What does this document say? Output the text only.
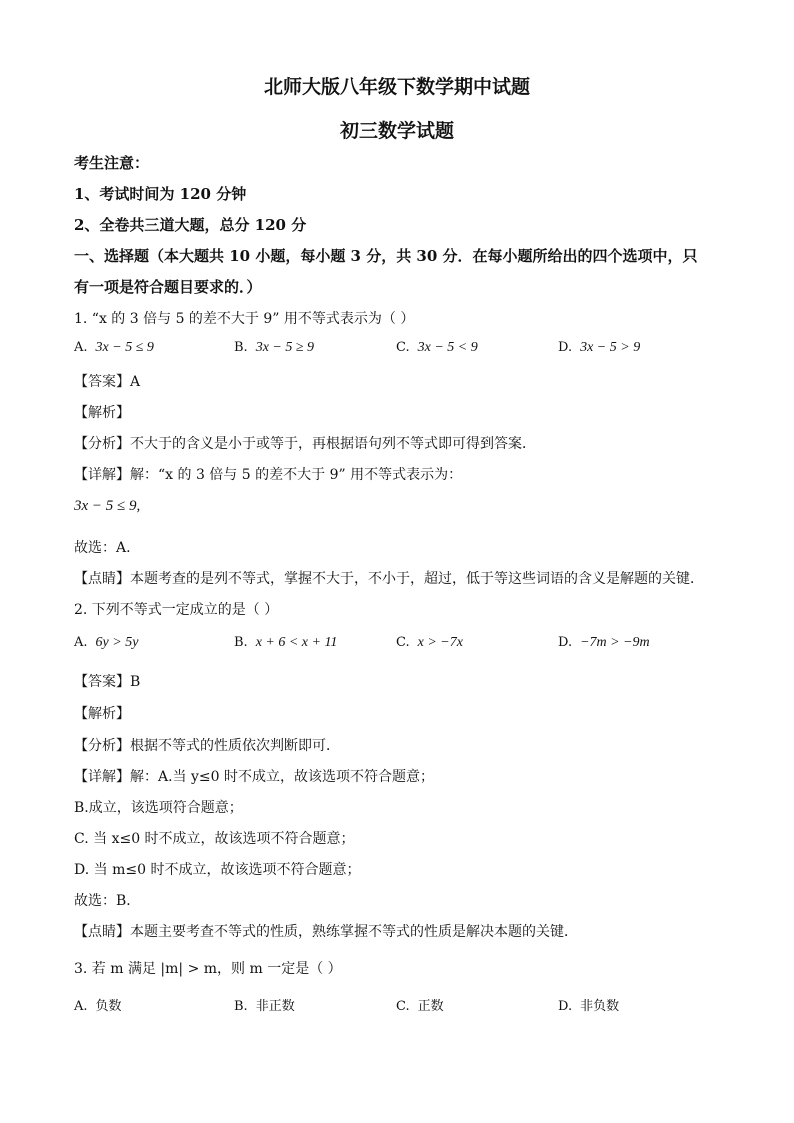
北师大版八年级下数学期中试题
初三数学试题
考生注意：
1、考试时间为 120 分钟
2、全卷共三道大题，总分 120 分
一、选择题（本大题共 10 小题，每小题 3 分，共 30 分．在每小题所给出的四个选项中，只
有一项是符合题目要求的．）
1. “x 的 3 倍与 5 的差不大于 9” 用不等式表示为（ ）
A. 3x − 5 ≤ 9	B. 3x − 5 ≥ 9	C. 3x − 5 < 9	D. 3x − 5 > 9
【答案】A
【解析】
【分析】不大于的含义是小于或等于，再根据语句列不等式即可得到答案．
【详解】解：“x 的 3 倍与 5 的差不大于 9” 用不等式表示为：
3x − 5 ≤ 9,
故选：A.
【点睛】本题考查的是列不等式，掌握不大于，不小于，超过，低于等这些词语的含义是解题的关键．
2. 下列不等式一定成立的是（ ）
A. 6y > 5y	B. x + 6 < x + 11	C. x > −7x	D. −7m > −9m
【答案】B
【解析】
【分析】根据不等式的性质依次判断即可．
【详解】解：A.当 y≤0 时不成立，故该选项不符合题意；
B.成立，该选项符合题意；
C. 当 x≤0 时不成立，故该选项不符合题意；
D. 当 m≤0 时不成立，故该选项不符合题意；
故选：B．
【点睛】本题主要考查不等式的性质，熟练掌握不等式的性质是解决本题的关键．
3. 若 m 满足 |m| > m，则 m 一定是（ ）
A. 负数	B. 非正数	C. 正数	D. 非负数
